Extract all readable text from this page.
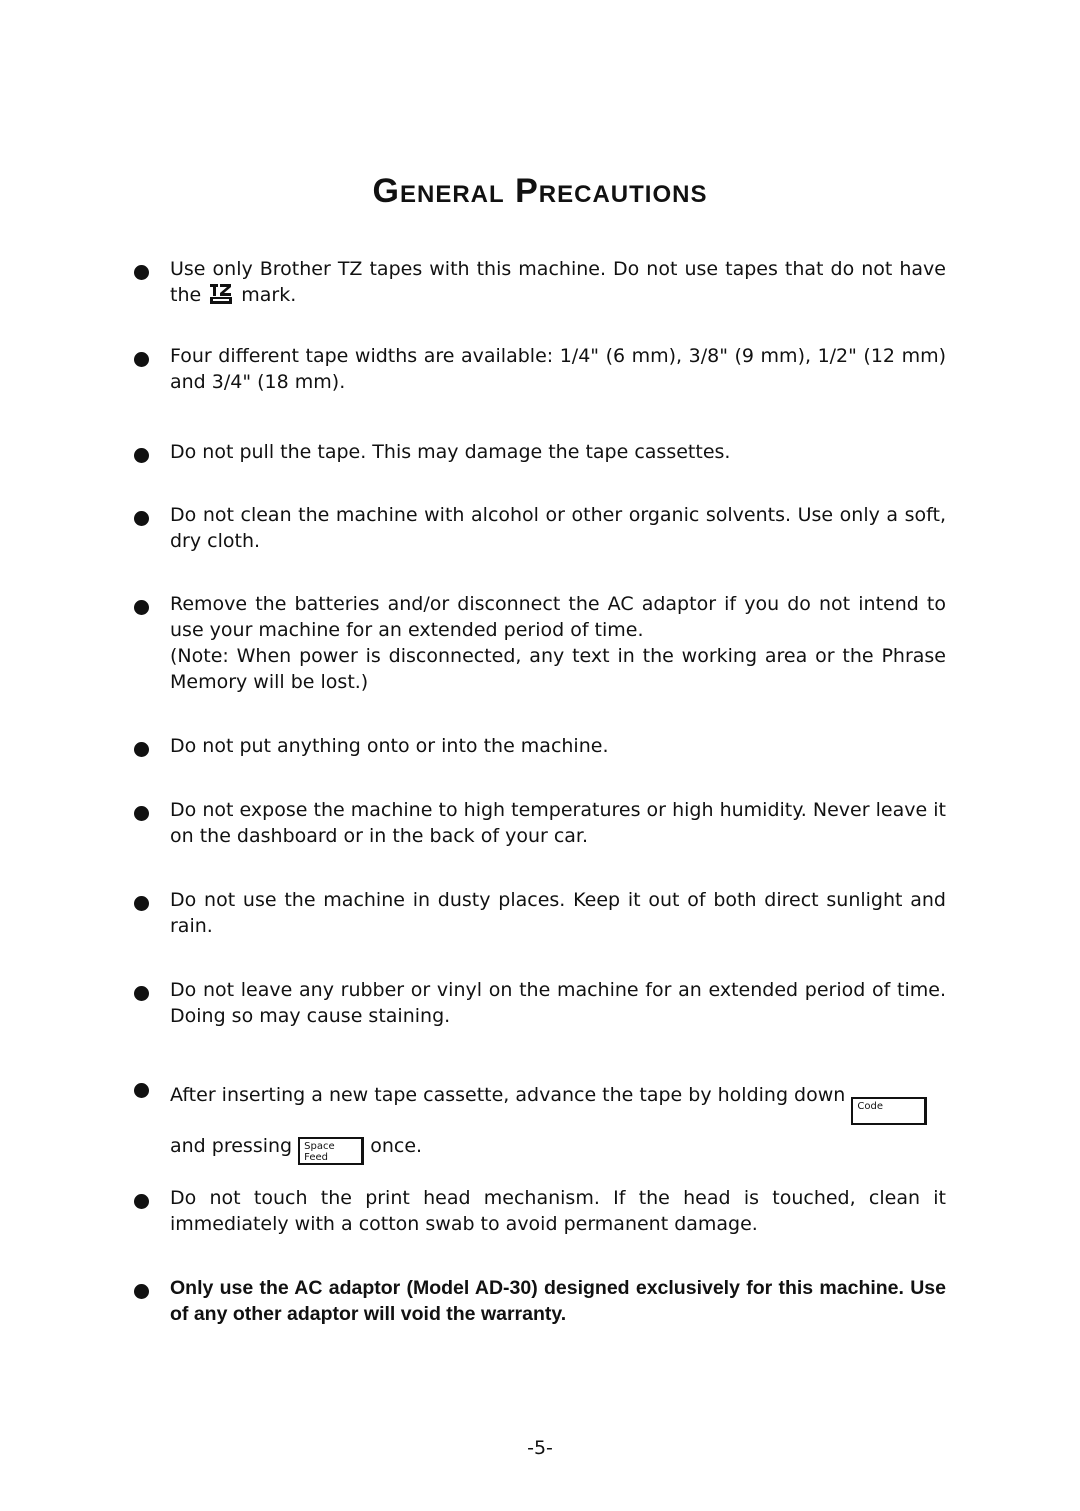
General Precautions

Use only Brother TZ tapes with this machine. Do not use tapes that do not have the mark.

Four different tape widths are available: 1/4" (6 mm), 3/8" (9 mm), 1/2" (12 mm) and 3/4" (18 mm).

Do not pull the tape. This may damage the tape cassettes.

Do not clean the machine with alcohol or other organic solvents. Use only a soft, dry cloth.

Remove the batteries and/or disconnect the AC adaptor if you do not intend to use your machine for an extended period of time.

(Note: When power is disconnected, any text in the working area or the Phrase Memory will be lost.)

Do not put anything onto or into the machine.

Do not expose the machine to high temperatures or high humidity. Never leave it on the dashboard or in the back of your car.

Do not use the machine in dusty places. Keep it out of both direct sunlight and rain.

Do not leave any rubber or vinyl on the machine for an extended period of time. Doing so may cause staining.

After inserting a new tape cassette, advance the tape by holding down Code
and pressing Space
Feed
once.

Do not touch the print head mechanism. If the head is touched, clean it immediately with a cotton swab to avoid permanent damage.

Only use the AC adaptor (Model AD-30) designed exclusively for this machine. Use of any other adaptor will void the warranty.

-5-
